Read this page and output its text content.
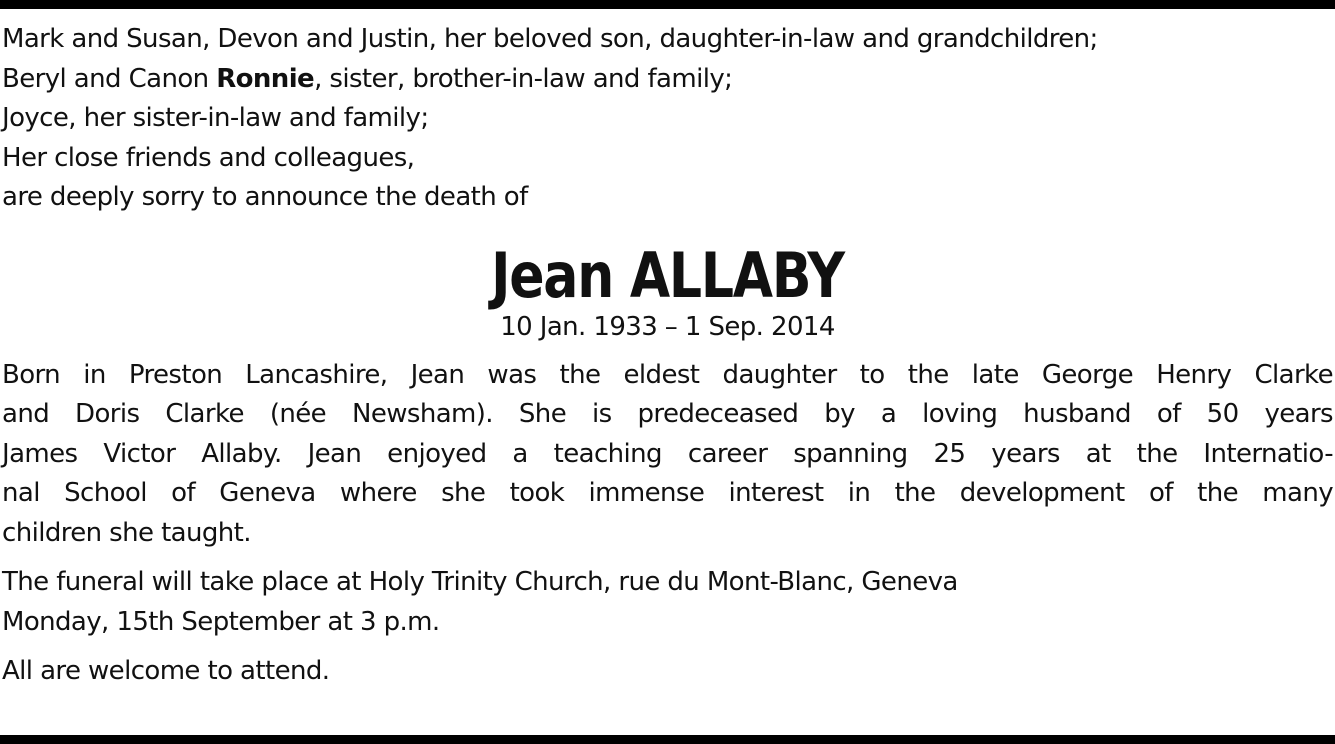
Mark and Susan, Devon and Justin, her beloved son, daughter-in-law and grandchildren;
Beryl and Canon Ronnie, sister, brother-in-law and family;
Joyce, her sister-in-law and family;
Her close friends and colleagues,
are deeply sorry to announce the death of
Jean ALLABY
10 Jan. 1933 – 1 Sep. 2014
Born in Preston Lancashire, Jean was the eldest daughter to the late George Henry Clarke
and Doris Clarke (née Newsham). She is predeceased by a loving husband of 50 years
James Victor Allaby. Jean enjoyed a teaching career spanning 25 years at the Internatio-
nal School of Geneva where she took immense interest in the development of the many
children she taught.
The funeral will take place at Holy Trinity Church, rue du Mont-Blanc, Geneva
Monday, 15th September at 3 p.m.
All are welcome to attend.
